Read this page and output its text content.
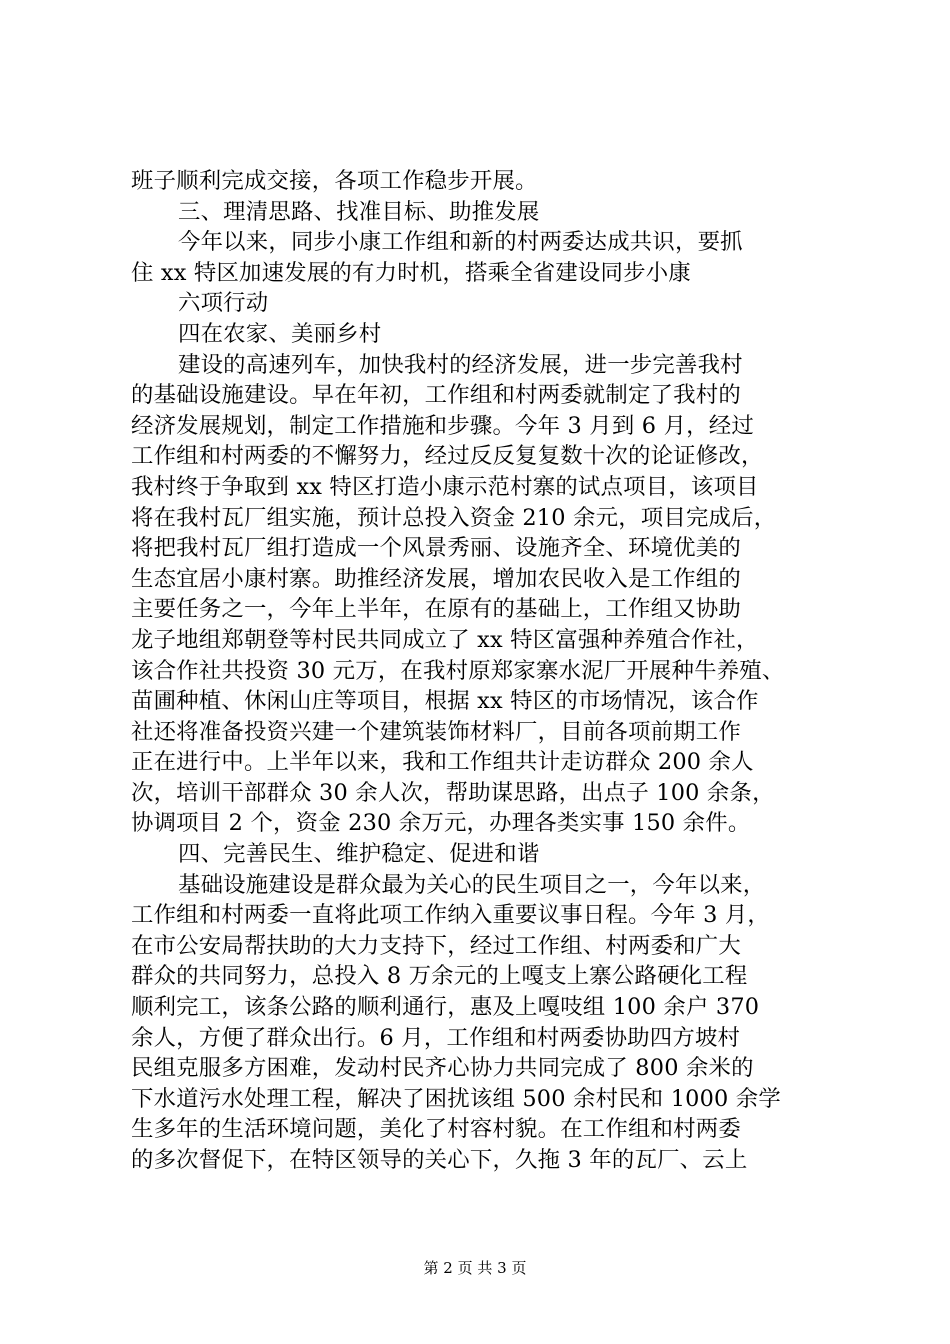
班子顺利完成交接，各项工作稳步开展。
三、理清思路、找准目标、助推发展
今年以来，同步小康工作组和新的村两委达成共识，要抓
住 xx 特区加速发展的有力时机，搭乘全省建设同步小康
六项行动
四在农家、美丽乡村
建设的高速列车，加快我村的经济发展，进一步完善我村
的基础设施建设。早在年初，工作组和村两委就制定了我村的
经济发展规划，制定工作措施和步骤。今年 3 月到 6 月，经过
工作组和村两委的不懈努力，经过反反复复数十次的论证修改，
我村终于争取到 xx 特区打造小康示范村寨的试点项目，该项目
将在我村瓦厂组实施，预计总投入资金 210 余元，项目完成后，
将把我村瓦厂组打造成一个风景秀丽、设施齐全、环境优美的
生态宜居小康村寨。助推经济发展，增加农民收入是工作组的
主要任务之一，今年上半年，在原有的基础上，工作组又协助
龙子地组郑朝登等村民共同成立了 xx 特区富强种养殖合作社，
该合作社共投资 30 元万，在我村原郑家寨水泥厂开展种牛养殖、
苗圃种植、休闲山庄等项目，根据 xx 特区的市场情况，该合作
社还将准备投资兴建一个建筑装饰材料厂，目前各项前期工作
正在进行中。上半年以来，我和工作组共计走访群众 200 余人
次，培训干部群众 30 余人次，帮助谋思路，出点子 100 余条，
协调项目 2 个，资金 230 余万元，办理各类实事 150 余件。
四、完善民生、维护稳定、促进和谐
基础设施建设是群众最为关心的民生项目之一，今年以来，
工作组和村两委一直将此项工作纳入重要议事日程。今年 3 月，
在市公安局帮扶助的大力支持下，经过工作组、村两委和广大
群众的共同努力，总投入 8 万余元的上嘎支上寨公路硬化工程
顺利完工，该条公路的顺利通行，惠及上嘎吱组 100 余户 370
余人，方便了群众出行。6 月，工作组和村两委协助四方坡村
民组克服多方困难，发动村民齐心协力共同完成了 800 余米的
下水道污水处理工程，解决了困扰该组 500 余村民和 1000 余学
生多年的生活环境问题，美化了村容村貌。在工作组和村两委
的多次督促下，在特区领导的关心下，久拖 3 年的瓦厂、云上
第 2 页 共 3 页
